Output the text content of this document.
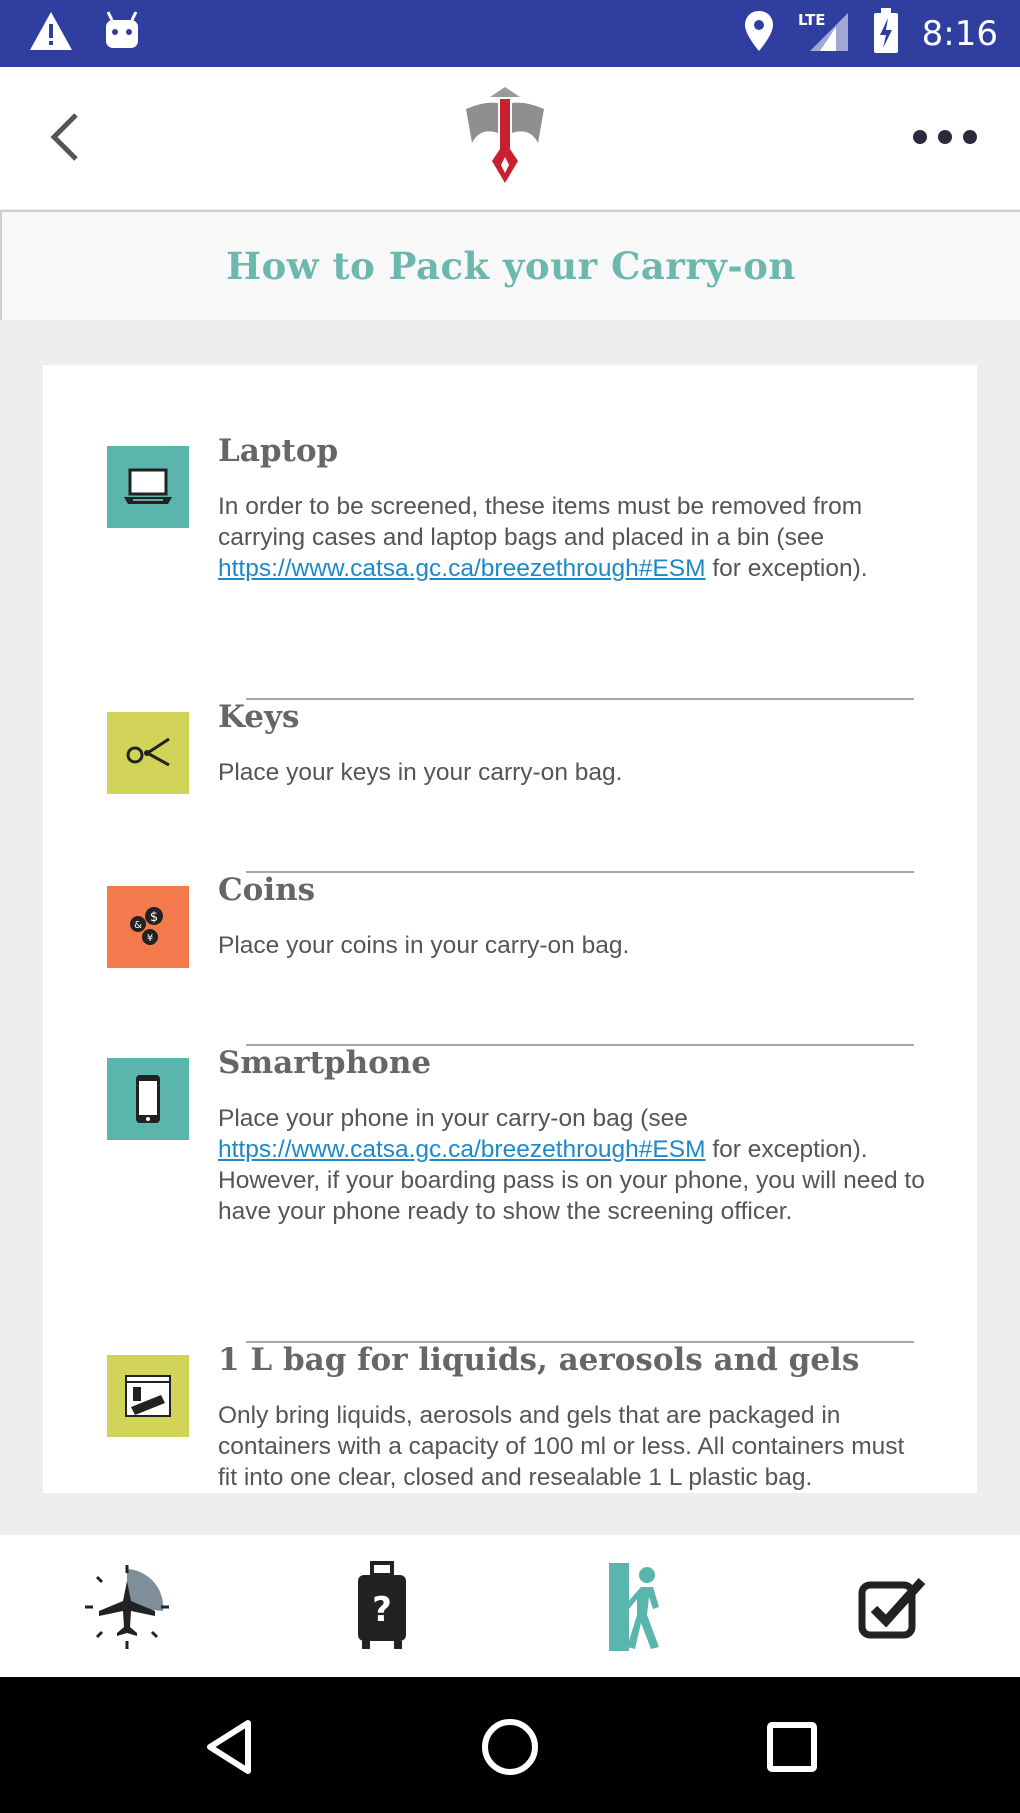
LTE	8:16
How to Pack your Carry-on
Laptop

In order to be screened, these items must be removed from carrying cases and laptop bags and placed in a bin (see https://www.catsa.gc.ca/breezethrough#ESM for exception).

Keys

Place your keys in your carry-on bag.

$
&
¥
Coins

Place your coins in your carry-on bag.

Smartphone

Place your phone in your carry-on bag (see https://www.catsa.gc.ca/breezethrough#ESM for exception). However, if your boarding pass is on your phone, you will need to have your phone ready to show the screening officer.

1 L bag for liquids, aerosols and gels

Only bring liquids, aerosols and gels that are packaged in containers with a capacity of 100 ml or less. All containers must fit into one clear, closed and resealable 1 L plastic bag.

?
